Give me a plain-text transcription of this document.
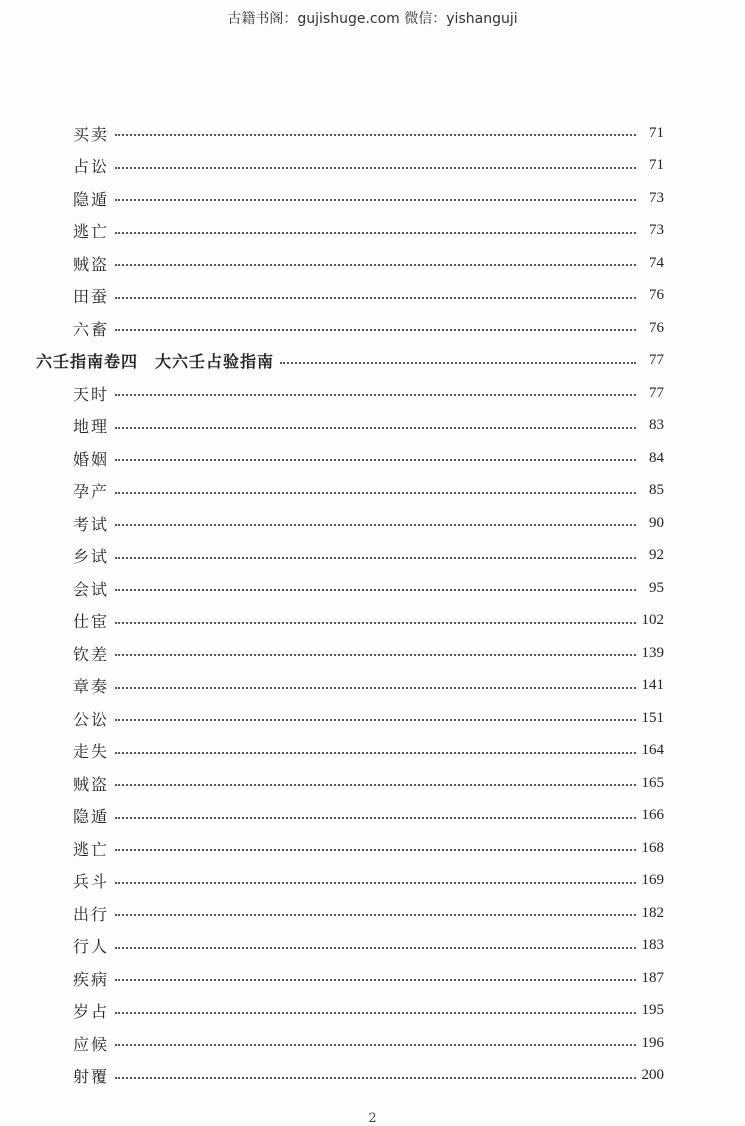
古籍书阁：gujishuge.com 微信：yishanguji
买卖	71
占讼	71
隐遁	73
逃亡	73
贼盗	74
田蚕	76
六畜	76
六壬指南卷四　大六壬占验指南	77
天时	77
地理	83
婚姻	84
孕产	85
考试	90
乡试	92
会试	95
仕宦	102
钦差	139
章奏	141
公讼	151
走失	164
贼盗	165
隐遁	166
逃亡	168
兵斗	169
出行	182
行人	183
疾病	187
岁占	195
应候	196
射覆	200
2
